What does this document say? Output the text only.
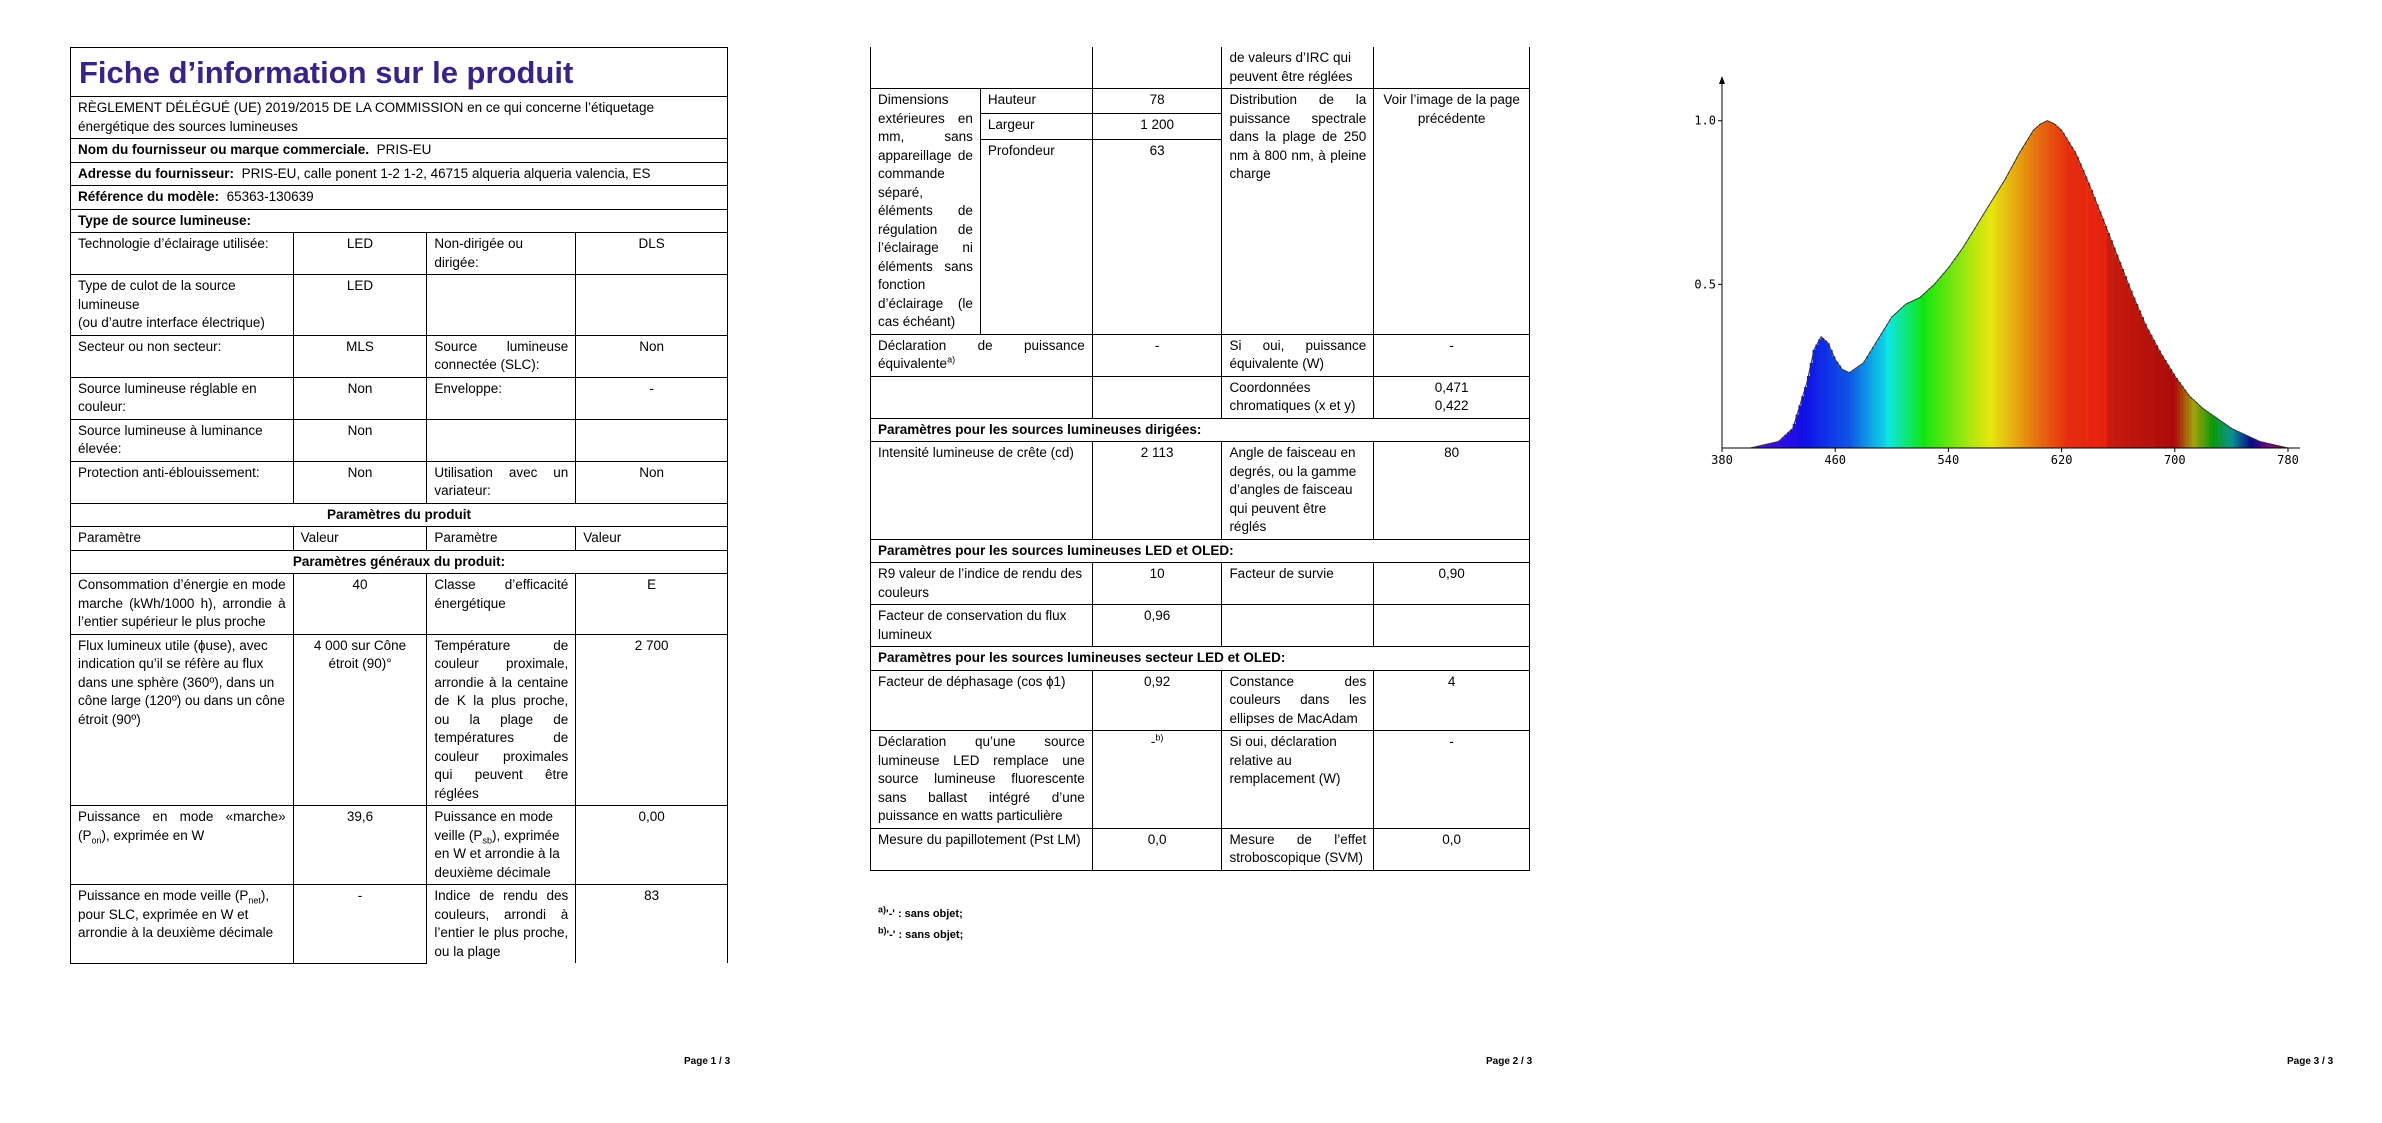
Fiche d’information sur le produit			
RÈGLEMENT DÉLÉGUÉ (UE) 2019/2015 DE LA COMMISSION en ce qui concerne l’étiquetage énergétique des sources lumineuses			
Nom du fournisseur ou marque commerciale. PRIS-EU			
Adresse du fournisseur: PRIS-EU, calle ponent 1-2 1-2, 46715 alqueria alqueria valencia, ES			
Référence du modèle: 65363-130639			
Type de source lumineuse:			
Technologie d’éclairage utilisée:	LED	Non-dirigée ou dirigée:	DLS

Type de culot de la source lumineuse
(ou d’autre interface électrique)	LED		
Secteur ou non secteur:	MLS	Source lumineuse connectée (SLC):	Non
Source lumineuse réglable en couleur:	Non	Enveloppe:	-
Source lumineuse à luminance élevée:	Non		
Protection anti-éblouissement:	Non	Utilisation avec un variateur:	Non
Paramètres du produit			
Paramètre	Valeur	Paramètre	Valeur
Paramètres généraux du produit:			
Consommation d’énergie en mode marche (kWh/1000 h), arrondie à l’entier supérieur le plus proche	40	Classe d’efficacité énergétique	E
Flux lumineux utile (ɸuse), avec indication qu’il se réfère au flux dans une sphère (360º), dans un cône large (120º) ou dans un cône étroit (90º)	4 000 sur Cône étroit (90)°	Température de couleur proximale, arrondie à la centaine de K la plus proche, ou la plage de températures de couleur proximales qui peuvent être réglées	2 700
Puissance en mode «marche» $(P_{on})$, exprimée en W	39,6	Puissance en mode veille $(P_{sb})$, exprimée en W et arrondie à la deuxième décimale	0,00
Puissance en mode veille $(P_{net})$, pour SLC, exprimée en W et arrondie à la deuxième décimale	-	Indice de rendu des couleurs, arrondi à l’entier le plus proche, ou la plage	83
Page 1 / 3
			de valeurs d’IRC qui peuvent être réglées	
Dimensions extérieures en mm, sans appareillage de commande séparé, éléments de régulation de l’éclairage ni éléments sans fonction d’éclairage (le cas échéant)	Hauteur	78	Distribution de la puissance spectrale dans la plage de 250 nm à 800 nm, à pleine charge	Voir l’image de la page précédente
	Largeur	1 200		
	Profondeur	63		
Déclaration de puissance équivalente$^{a)}$		-	Si oui, puissance équivalente (W)	-
			Coordonnées chromatiques (x et y)	0,471
0,422

Paramètres pour les sources lumineuses dirigées:				
Intensité lumineuse de crête (cd)		2 113	Angle de faisceau en degrés, ou la gamme d’angles de faisceau qui peuvent être réglés	80
Paramètres pour les sources lumineuses LED et OLED:				
R9 valeur de l’indice de rendu des couleurs		10	Facteur de survie	0,90
Facteur de conservation du flux lumineux		0,96		
Paramètres pour les sources lumineuses secteur LED et OLED:				
Facteur de déphasage (cos ɸ1)		0,92	Constance des couleurs dans les ellipses de MacAdam	4
Déclaration qu’une source lumineuse LED remplace une source lumineuse fluorescente sans ballast intégré d’une puissance en watts particulière		-$^{b)}$	Si oui, déclaration relative au remplacement (W)	-
Mesure du papillotement (Pst LM)		0,0	Mesure de l’effet stroboscopique (SVM)	0,0
$^{a)}$'-' : sans objet;
$^{b)}$'-' : sans objet;
Page 2 / 3
380	460	540	620	700	780
0.5
1.0
Page 3 / 3
